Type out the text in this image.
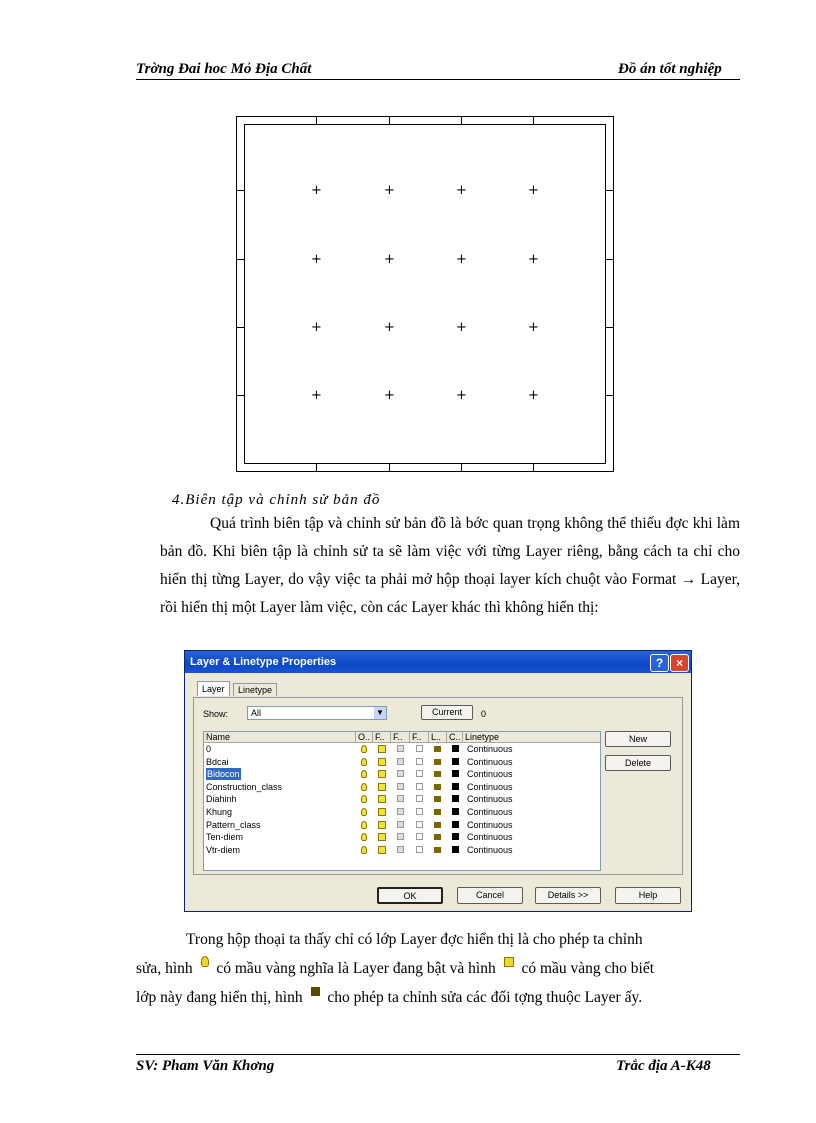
Trờng Đai hoc Mỏ Địa Chất	Đồ án tốt nghiệp
+	+	+	+
+	+	+	+
+	+	+	+
+	+	+	+
4.Biên tập và chỉnh sử bản đồ
Quá trình biên tập và chỉnh sử bản đồ là bớc quan trọng không thể thiếu đợc khi làm bản đồ. Khi biên tập là chỉnh sử ta sẽ làm việc với từng Layer riêng, bằng cách ta chỉ cho hiển thị từng Layer, do vậy việc ta phải mở hộp thoại layer kích chuột vào Format → Layer, rồi hiển thị một Layer làm việc, còn các Layer khác thì không hiển thị:
Layer & Linetype Properties	?	×
Layer	Linetype
Show:	All	▼	Current	0
Name	O.. F.. F..	F..	L.. C.. Linetype
0	Continuous
Bdcai	Continuous
Bidocon	Continuous
Construction_class	Continuous
Diahinh	Continuous
Khung	Continuous
Pattern_class	Continuous
Ten-diem	Continuous
Vtr-diem	Continuous
New
Delete
OK	Cancel	Details >>	Help
Trong hộp thoại ta thấy chỉ có lớp Layer đợc hiển thị là cho phép ta chỉnh
sửa, hình có mầu vàng nghĩa là Layer đang bật và hình có mầu vàng cho biết
lớp này đang hiển thị, hình cho phép ta chỉnh sửa các đối tợng thuộc Layer ấy.
SV: Pham Văn Khơng	Trắc địa A-K48
